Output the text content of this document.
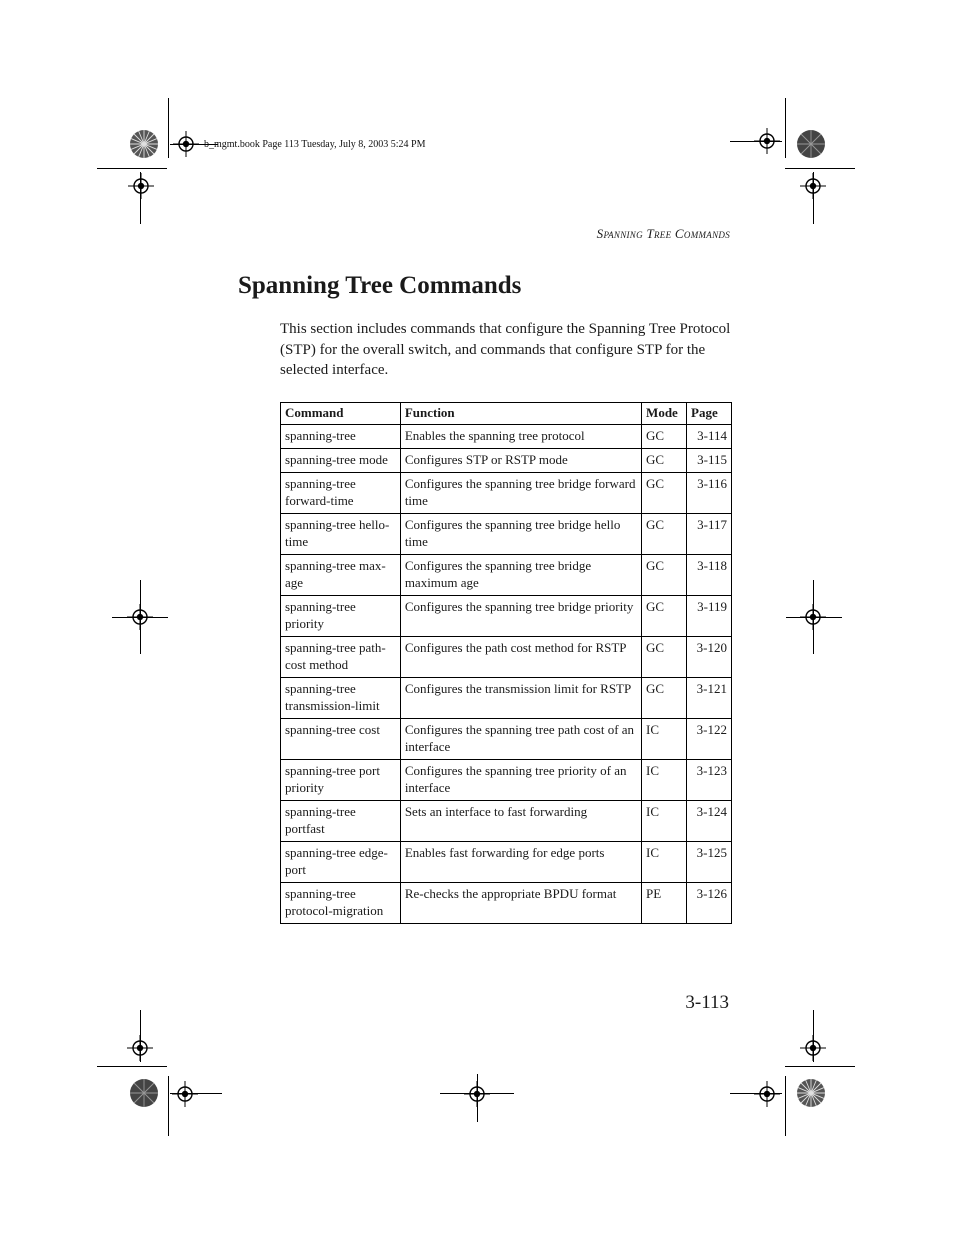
b_mgmt.book Page 113 Tuesday, July 8, 2003 5:24 PM
Spanning Tree Commands
Spanning Tree Commands

This section includes commands that configure the Spanning Tree Protocol (STP) for the overall switch, and commands that configure STP for the selected interface.

Command	Function	Mode	Page
spanning-tree	Enables the spanning tree protocol	GC	3-114
spanning-tree mode	Configures STP or RSTP mode	GC	3-115
spanning-tree forward-time	Configures the spanning tree bridge forward time	GC	3-116
spanning-tree hello-time	Configures the spanning tree bridge hello time	GC	3-117
spanning-tree max-age	Configures the spanning tree bridge maximum age	GC	3-118
spanning-tree priority	Configures the spanning tree bridge priority	GC	3-119
spanning-tree path-cost method	Configures the path cost method for RSTP	GC	3-120
spanning-tree transmission-limit	Configures the transmission limit for RSTP	GC	3-121
spanning-tree cost	Configures the spanning tree path cost of an interface	IC	3-122
spanning-tree port priority	Configures the spanning tree priority of an interface	IC	3-123
spanning-tree portfast	Sets an interface to fast forwarding	IC	3-124
spanning-tree edge-port	Enables fast forwarding for edge ports	IC	3-125
spanning-tree protocol-migration	Re-checks the appropriate BPDU format	PE	3-126
3-113
